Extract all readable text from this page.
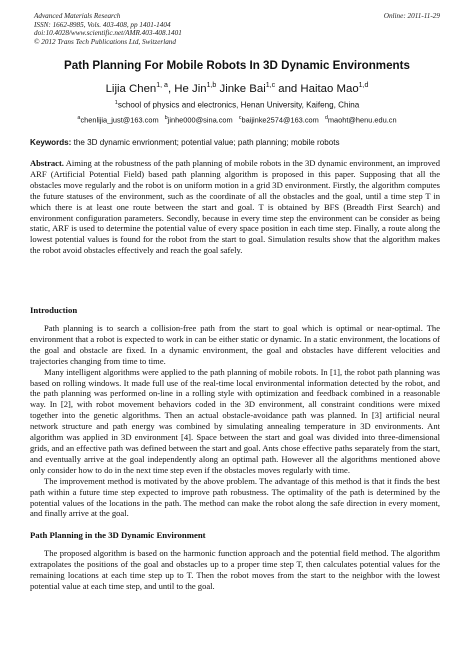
Advanced Materials Research	Online: 2011-11-29
ISSN: 1662-8985, Vols. 403-408, pp 1401-1404
doi:10.4028/www.scientific.net/AMR.403-408.1401
© 2012 Trans Tech Publications Ltd, Switzerland
Path Planning For Mobile Robots In 3D Dynamic Environments
Lijia Chen$^{1, a}$, He Jin$^{1,b}$ Jinke Bai$^{1,c}$ and Haitao Mao$^{1,d}$
$^1$school of physics and electronics, Henan University, Kaifeng, China
$^a$chenlijia_just@163.com $^b$jinhe000@sina.com $^c$baijinke2574@163.com $^d$maoht@henu.edu.cn
Keywords: the 3D dynamic envrionment; potential value; path planning; mobile robots

Abstract. Aiming at the robustness of the path planning of mobile robots in the 3D dynamic environment, an improved ARF (Artificial Potential Field) based path planning algorithm is proposed in this paper. Supposing that all the obstacles move regularly and the robot is on uniform motion in a grid 3D environment. Firstly, the algorithm computes the future statuses of the environment, such as the coordinate of all the obstacles and the goal, until a time step T in which there is at least one route between the start and goal. T is obtained by BFS (Breadth First Search) and environment configuration parameters. Secondly, because in every time step the environment can be consider as being static, ARF is used to determine the potential value of every space position in each time step. Finally, a route along the lowest potential values is found for the robot from the start to goal. Simulation results show that the algorithm makes the robot avoid obstacles effectively and reach the goal safely.

Introduction

Path planning is to search a collision-free path from the start to goal which is optimal or near-optimal. The environment that a robot is expected to work in can be either static or dynamic. In a static environment, the locations of the goal and obstacle are fixed. In a dynamic environment, the goal and obstacles have different velocities and trajectories changing from time to time.

Many intelligent algorithms were applied to the path planning of mobile robots. In [1], the robot path planning was based on rolling windows. It made full use of the real-time local environmental information detected by the robot, and the path planning was performed on-line in a rolling style with optimization and feedback combined in a reasonable way. In [2], with robot movement behaviors coded in the 3D environment, all constraint conditions were mixed together into the genetic algorithms. Then an actual obstacle-avoidance path was planned. In [3] artificial neural network structure and path energy was combined by simulating annealing temperature in 3D environments. Ant algorithm was applied in 3D environment [4]. Space between the start and goal was divided into three-dimensional grids, and an effective path was defined between the start and goal. Ants chose effective paths separately from the start, and eventually arrive at the goal independently along an optimal path. However all the algorithms mentioned above only consider how to do in the next time step even if the obstacles moves regularly with time.

The improvement method is motivated by the above problem. The advantage of this method is that it finds the best path within a future time step expected to improve path robustness. The optimality of the path is determined by the potential values of the locations in the path. The method can make the robot along the safe direction in every moment, and finally arrive at the goal.

Path Planning in the 3D Dynamic Environment

The proposed algorithm is based on the harmonic function approach and the potential field method. The algorithm extrapolates the positions of the goal and obstacles up to a proper time step T, then calculates potential values for the remaining locations at each time step up to T. Then the robot moves from the start to the neighbor with the lowest potential value at each time step, and until to the goal.
